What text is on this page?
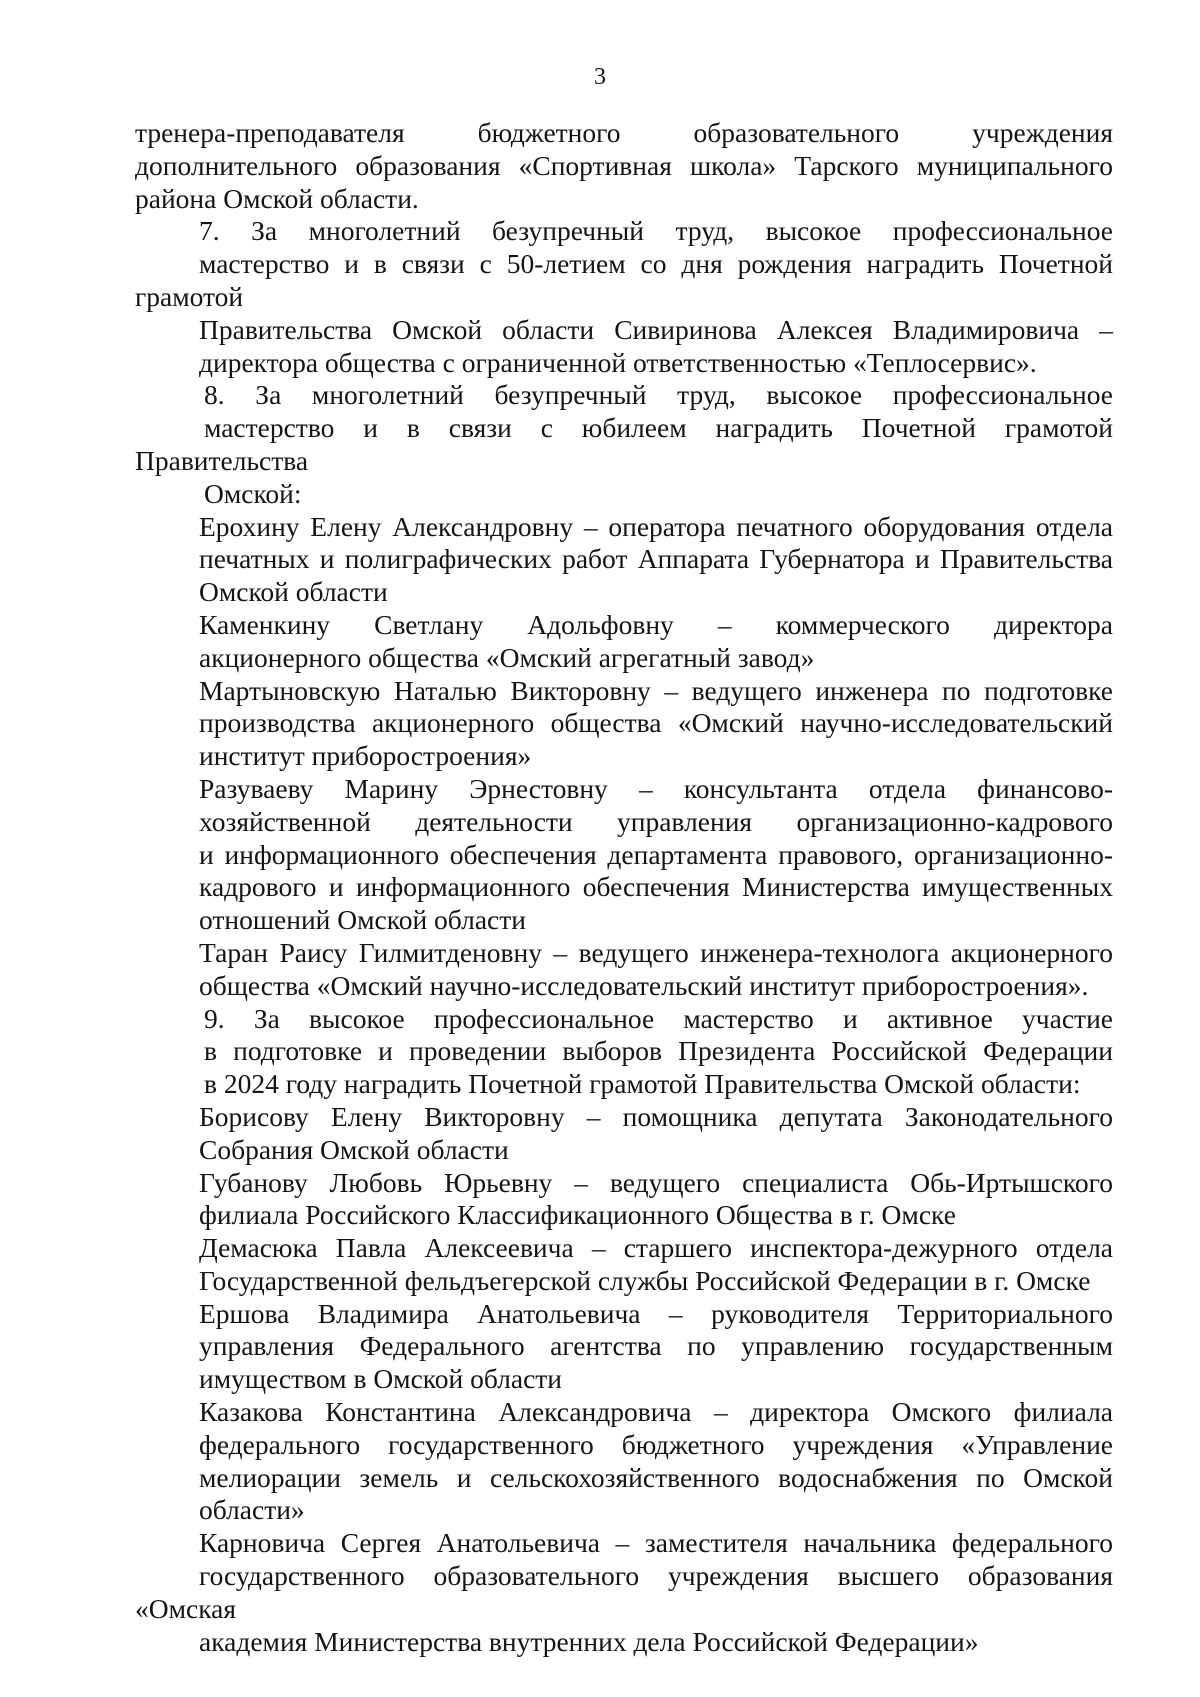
3

тренера-преподавателя бюджетного образовательного учреждения
дополнительного образования «Спортивная школа» Тарского муниципального
района Омской области.

7. За многолетний безупречный труд, высокое профессиональное
мастерство и в связи с 50-летием со дня рождения наградить Почетной грамотой
Правительства Омской области Сивиринова Алексея Владимировича –
директора общества с ограниченной ответственностью «Теплосервис».

8. За многолетний безупречный труд, высокое профессиональное
мастерство и в связи с юбилеем наградить Почетной грамотой Правительства
Омской:

Ерохину Елену Александровну – оператора печатного оборудования отдела
печатных и полиграфических работ Аппарата Губернатора и Правительства
Омской области

Каменкину Светлану Адольфовну – коммерческого директора
акционерного общества «Омский агрегатный завод»

Мартыновскую Наталью Викторовну – ведущего инженера по подготовке
производства акционерного общества «Омский научно-исследовательский
институт приборостроения»

Разуваеву Марину Эрнестовну – консультанта отдела финансово-
хозяйственной деятельности управления организационно-кадрового
и информационного обеспечения департамента правового, организационно-
кадрового и информационного обеспечения Министерства имущественных
отношений Омской области

Таран Раису Гилмитденовну – ведущего инженера-технолога акционерного
общества «Омский научно-исследовательский институт приборостроения».

9. За высокое профессиональное мастерство и активное участие
в подготовке и проведении выборов Президента Российской Федерации
в 2024 году наградить Почетной грамотой Правительства Омской области:

Борисову Елену Викторовну – помощника депутата Законодательного
Собрания Омской области

Губанову Любовь Юрьевну – ведущего специалиста Обь-Иртышского
филиала Российского Классификационного Общества в г. Омске

Демасюка Павла Алексеевича – старшего инспектора-дежурного отдела
Государственной фельдъегерской службы Российской Федерации в г. Омске

Ершова Владимира Анатольевича – руководителя Территориального
управления Федерального агентства по управлению государственным
имуществом в Омской области

Казакова Константина Александровича – директора Омского филиала
федерального государственного бюджетного учреждения «Управление
мелиорации земель и сельскохозяйственного водоснабжения по Омской
области»

Карновича Сергея Анатольевича – заместителя начальника федерального
государственного образовательного учреждения высшего образования «Омская
академия Министерства внутренних дела Российской Федерации»
